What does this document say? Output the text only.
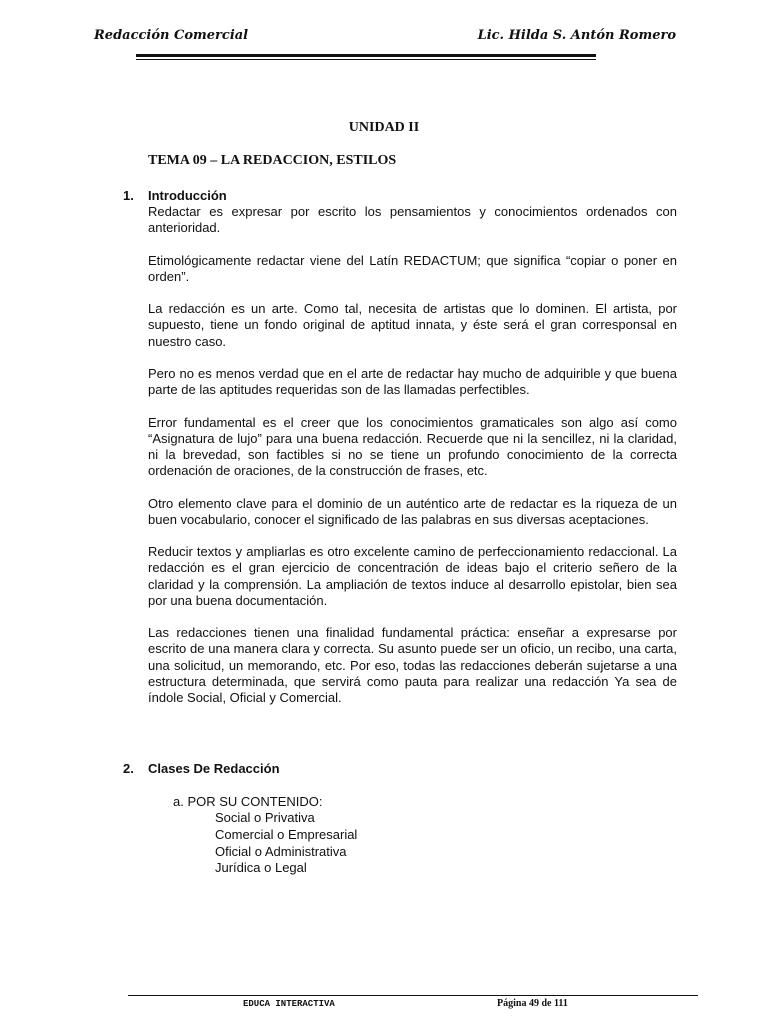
Redacción Comercial	Lic. Hilda S. Antón Romero
UNIDAD II
TEMA 09 – LA REDACCION, ESTILOS
1. Introducción

Redactar es expresar por escrito los pensamientos y conocimientos ordenados con anterioridad.

Etimológicamente redactar viene del Latín REDACTUM; que significa “copiar o poner en orden”.

La redacción es un arte. Como tal, necesita de artistas que lo dominen. El artista, por supuesto, tiene un fondo original de aptitud innata, y éste será el gran corresponsal en nuestro caso.

Pero no es menos verdad que en el arte de redactar hay mucho de adquirible y que buena parte de las aptitudes requeridas son de las llamadas perfectibles.

Error fundamental es el creer que los conocimientos gramaticales son algo así como “Asignatura de lujo” para una buena redacción. Recuerde que ni la sencillez, ni la claridad, ni la brevedad, son factibles si no se tiene un profundo conocimiento de la correcta ordenación de oraciones, de la construcción de frases, etc.

Otro elemento clave para el dominio de un auténtico arte de redactar es la riqueza de un buen vocabulario, conocer el significado de las palabras en sus diversas aceptaciones.

Reducir textos y ampliarlas es otro excelente camino de perfeccionamiento redaccional. La redacción es el gran ejercicio de concentración de ideas bajo el criterio señero de la claridad y la comprensión. La ampliación de textos induce al desarrollo epistolar, bien sea por una buena documentación.

Las redacciones tienen una finalidad fundamental práctica: enseñar a expresarse por escrito de una manera clara y correcta. Su asunto puede ser un oficio, un recibo, una carta, una solicitud, un memorando, etc. Por eso, todas las redacciones deberán sujetarse a una estructura determinada, que servirá como pauta para realizar una redacción Ya sea de índole Social, Oficial y Comercial.

2. Clases De Redacción
a. POR SU CONTENIDO:
Social o Privativa
Comercial o Empresarial
Oficial o Administrativa
Jurídica o Legal
EDUCA INTERACTIVA	Página 49 de 111
